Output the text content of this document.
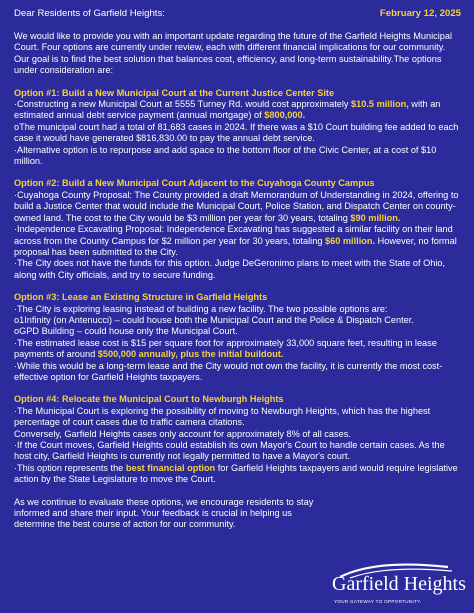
Dear Residents of Garfield Heights:	February 12, 2025

We would like to provide you with an important update regarding the future of the Garfield Heights Municipal Court. Four options are currently under review, each with different financial implications for our community. Our goal is to find the best solution that balances cost, efficiency, and long-term sustainability.The options under consideration are:

Option #1: Build a New Municipal Court at the Current Justice Center Site

·Constructing a new Municipal Court at 5555 Turney Rd. would cost approximately $10.5 million, with an estimated annual debt service payment (annual mortgage) of $800,000.

oThe municipal court had a total of 81,683 cases in 2024. If there was a $10 Court building fee added to each case it would have generated $816,830.00 to pay the annual debt service.

·Alternative option is to repurpose and add space to the bottom floor of the Civic Center, at a cost of $10 million.

Option #2: Build a New Municipal Court Adjacent to the Cuyahoga County Campus

·Cuyahoga County Proposal: The County provided a draft Memorandum of Understanding in 2024, offering to build a Justice Center that would include the Municipal Court, Police Station, and Dispatch Center on county-owned land. The cost to the City would be $3 million per year for 30 years, totaling $90 million.

·Independence Excavating Proposal: Independence Excavating has suggested a similar facility on their land across from the County Campus for $2 million per year for 30 years, totaling $60 million. However, no formal proposal has been submitted to the City.

·The City does not have the funds for this option. Judge DeGeronimo plans to meet with the State of Ohio, along with City officials, and try to secure funding.

Option #3: Lease an Existing Structure in Garfield Heights

·The City is exploring leasing instead of building a new facility. The two possible options are:

o1Infinity (on Antenucci) – could house both the Municipal Court and the Police & Dispatch Center.

oGPD Building – could house only the Municipal Court.

·The estimated lease cost is $15 per square foot for approximately 33,000 square feet, resulting in lease payments of around $500,000 annually, plus the initial buildout.

·While this would be a long-term lease and the City would not own the facility, it is currently the most cost-effective option for Garfield Heights taxpayers.

Option #4: Relocate the Municipal Court to Newburgh Heights

·The Municipal Court is exploring the possibility of moving to Newburgh Heights, which has the highest percentage of court cases due to traffic camera citations.

Conversely, Garfield Heights cases only account for approximately 8% of all cases.

·If the Court moves, Garfield Heights could establish its own Mayor's Court to handle certain cases. As the host city, Garfield Heights is currently not legally permitted to have a Mayor's court.

·This option represents the best financial option for Garfield Heights taxpayers and would require legislative action by the State Legislature to move the Court.

As we continue to evaluate these options, we encourage residents to stay informed and share their input. Your feedback is crucial in helping us determine the best course of action for our community.

Garfield Heights
YOUR GATEWAY TO OPPORTUNITY.
